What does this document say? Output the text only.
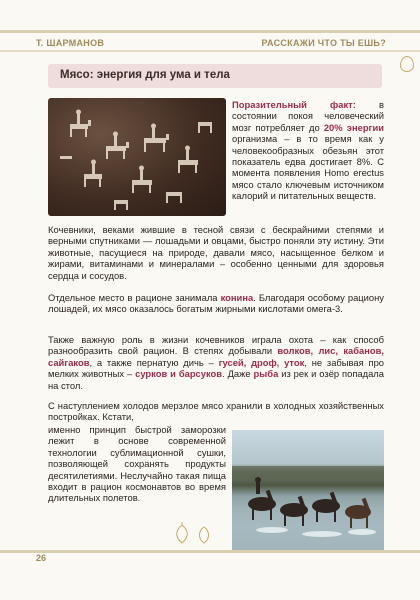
Т. ШАРМАНОВ	РАССКАЖИ ЧТО ТЫ ЕШЬ?
Мясо: энергия для ума и тела
Поразительный факт: в состоянии покоя человеческий мозг потребляет до 20% энергии организма – в то время как у человекообразных обезьян этот показатель едва достигает 8%. С момента появления Homo erectus мясо стало ключевым источником калорий и питательных веществ.
Кочевники, веками жившие в тесной связи с бескрайними степями и верными спутниками — лошадьми и овцами, быстро поняли эту истину. Эти животные, пасущиеся на природе, давали мясо, насыщенное белком и жирами, витаминами и минералами – особенно ценными для здоровья сердца и сосудов.
Отдельное место в рационе занимала конина. Благодаря особому рациону лошадей, их мясо оказалось богатым жирными кислотами омега-3.
Также важную роль в жизни кочевников играла охота – как способ разнообразить свой рацион. В степях добывали волков, лис, кабанов, сайгаков, а также пернатую дичь – гусей, дроф, уток, не забывая про мелких животных – сурков и барсуков. Даже рыба из рек и озёр попадала на стол.
С наступлением холодов мерзлое мясо хранили в холодных хозяйственных постройках. Кстати,
именно принцип быстрой заморозки лежит в основе современной технологии сублимационной сушки, позволяющей сохранять продукты десятилетиями. Неслучайно такая пища входит в рацион космонавтов во время длительных полетов.
26
